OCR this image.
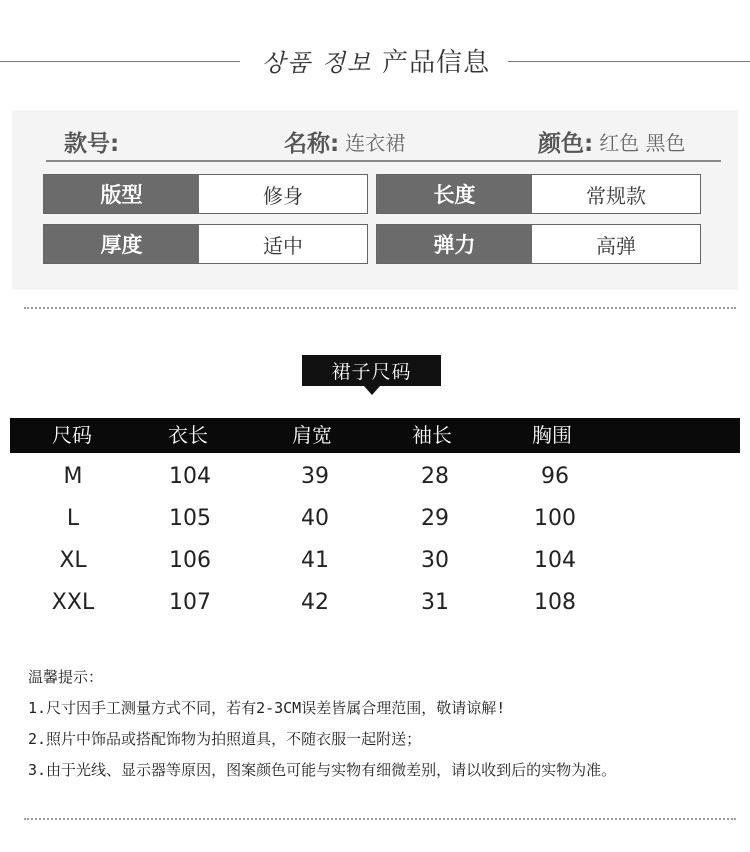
상품 정보 产品信息
款号:	名称: 连衣裙	颜色: 红色 黑色
版型	修身	长度	常规款
厚度	适中	弹力	高弹
裙子尺码
尺码	衣长	肩宽	袖长	胸围
M	104	39	28	96
L	105	40	29	100
XL	106	41	30	104
XXL	107	42	31	108
温馨提示：
1.尺寸因手工测量方式不同，若有2-3CM误差皆属合理范围，敬请谅解!
2.照片中饰品或搭配饰物为拍照道具，不随衣服一起附送；
3.由于光线、显示器等原因，图案颜色可能与实物有细微差别，请以收到后的实物为准。
